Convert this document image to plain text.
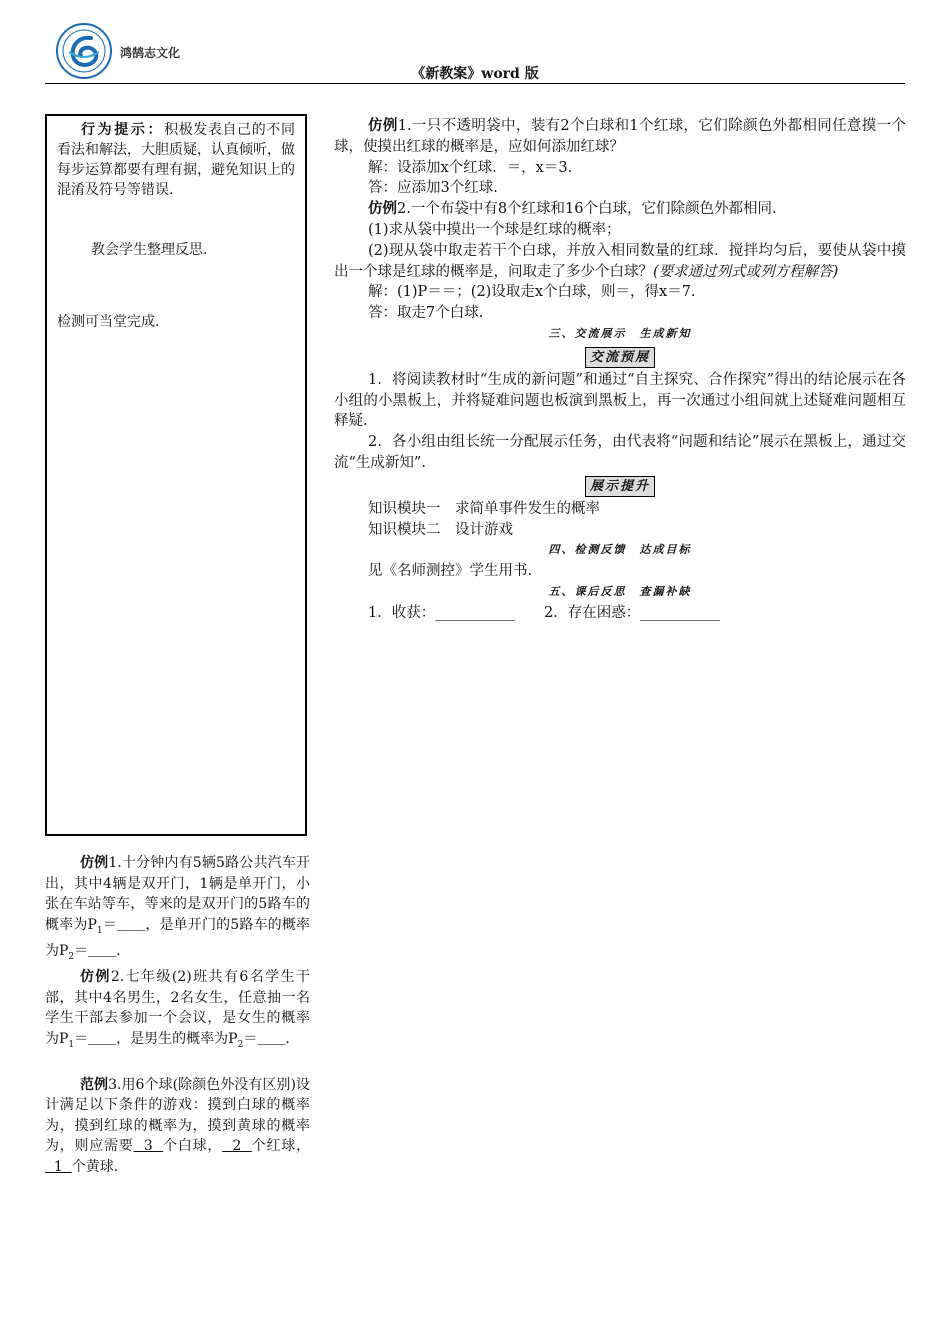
鸿鹄志文化
《新教案》word 版

行为提示：积极发表自己的不同看法和解法，大胆质疑，认真倾听，做每步运算都要有理有据，避免知识上的混淆及符号等错误.

教会学生整理反思.

检测可当堂完成.

仿例1.十分钟内有5辆5路公共汽车开出，其中4辆是双开门，1辆是单开门，小张在车站等车，等来的是双开门的5路车的概率为$P_1=\_\_$，是单开门的5路车的概率为$P_2=\_\_$.

仿例2.七年级(2)班共有6名学生干部，其中4名男生，2名女生，任意抽一名学生干部去参加一个会议，是女生的概率为$P_1=\_\_$，是男生的概率为$P_2=\_\_$.

范例3.用6个球(除颜色外没有区别)设计满足以下条件的游戏：摸到白球的概率为，摸到红球的概率为，摸到黄球的概率为，则应需要  3  个白球，  2  个红球，  1  个黄球.

仿例1.一只不透明袋中，装有2个白球和1个红球，它们除颜色外都相同任意摸一个球，使摸出红球的概率是，应如何添加红球？

解：设添加x个红球．＝，x＝3.

答：应添加3个红球.

仿例2.一个布袋中有8个红球和16个白球，它们除颜色外都相同.

(1)求从袋中摸出一个球是红球的概率；

(2)现从袋中取走若干个白球，并放入相同数量的红球．搅拌均匀后，要使从袋中摸出一个球是红球的概率是，问取走了多少个白球？(要求通过列式或列方程解答)

解：(1)P＝＝；(2)设取走x个白球，则＝，得x＝7.

答：取走7个白球.

三、交流展示　生成新知

交流预展

1．将阅读教材时“生成的新问题”和通过“自主探究、合作探究”得出的结论展示在各小组的小黑板上，并将疑难问题也板演到黑板上，再一次通过小组间就上述疑难问题相互释疑.

2．各小组由组长统一分配展示任务，由代表将“问题和结论”展示在黑板上，通过交流“生成新知”.

展示提升

知识模块一　求简单事件发生的概率

知识模块二　设计游戏

四、检测反馈　达成目标

见《名师测控》学生用书.

五、课后反思　查漏补缺

1．收获：___________　　2．存在困惑：___________
